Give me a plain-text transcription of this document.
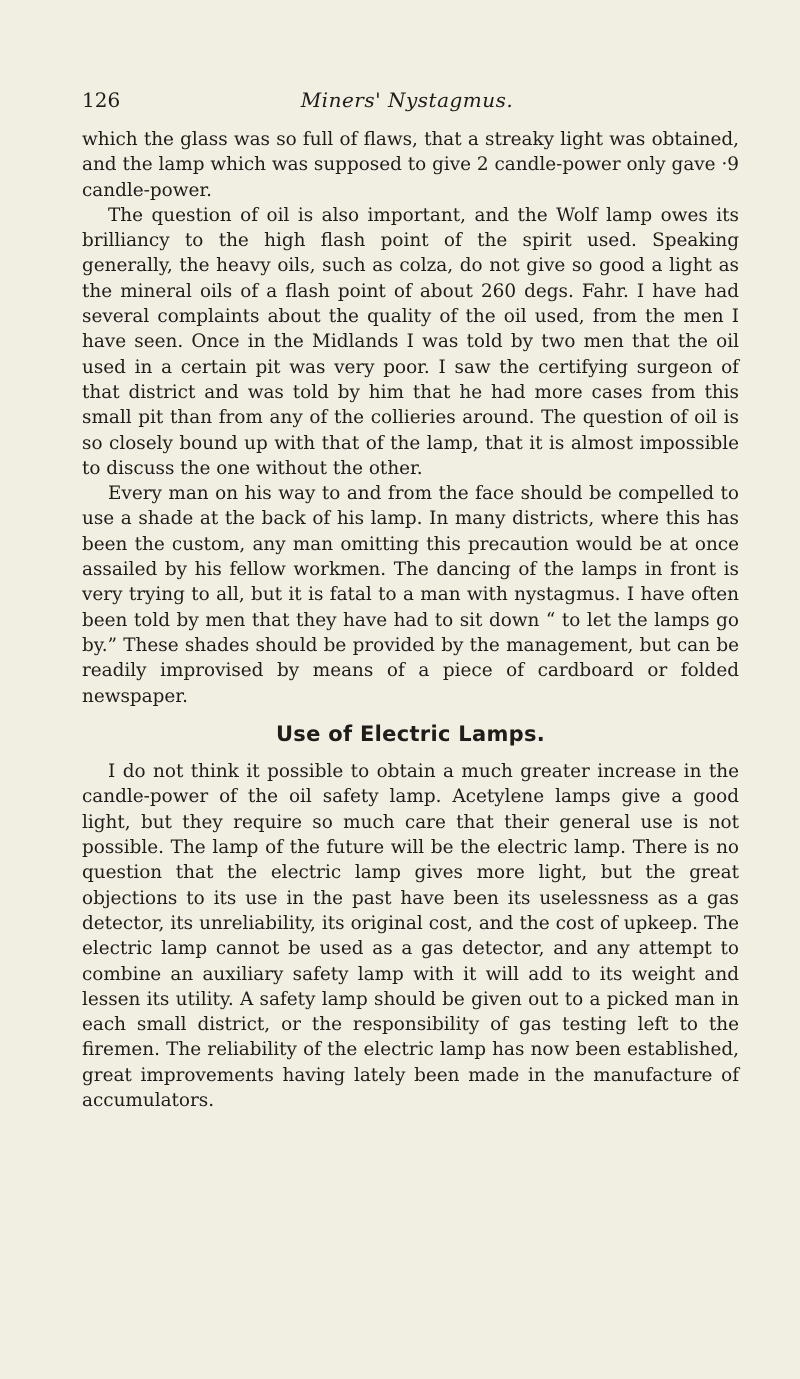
126	Miners' Nystagmus.

which the glass was so full of flaws, that a streaky light was obtained, and the lamp which was supposed to give 2 candle-power only gave ·9 candle-power.

The question of oil is also important, and the Wolf lamp owes its brilliancy to the high flash point of the spirit used. Speaking generally, the heavy oils, such as colza, do not give so good a light as the mineral oils of a flash point of about 260 degs. Fahr. I have had several complaints about the quality of the oil used, from the men I have seen. Once in the Midlands I was told by two men that the oil used in a certain pit was very poor. I saw the certifying surgeon of that district and was told by him that he had more cases from this small pit than from any of the collieries around. The question of oil is so closely bound up with that of the lamp, that it is almost impossible to discuss the one without the other.

Every man on his way to and from the face should be compelled to use a shade at the back of his lamp. In many districts, where this has been the custom, any man omitting this precaution would be at once assailed by his fellow workmen. The dancing of the lamps in front is very trying to all, but it is fatal to a man with nystagmus. I have often been told by men that they have had to sit down “ to let the lamps go by.” These shades should be provided by the management, but can be readily improvised by means of a piece of cardboard or folded newspaper.

Use of Electric Lamps.

I do not think it possible to obtain a much greater increase in the candle-power of the oil safety lamp. Acetylene lamps give a good light, but they require so much care that their general use is not possible. The lamp of the future will be the electric lamp. There is no question that the electric lamp gives more light, but the great objections to its use in the past have been its uselessness as a gas detector, its unreliability, its original cost, and the cost of upkeep. The electric lamp cannot be used as a gas detector, and any attempt to combine an auxiliary safety lamp with it will add to its weight and lessen its utility. A safety lamp should be given out to a picked man in each small district, or the responsibility of gas testing left to the firemen. The reliability of the electric lamp has now been established, great improvements having lately been made in the manufacture of accumulators.
